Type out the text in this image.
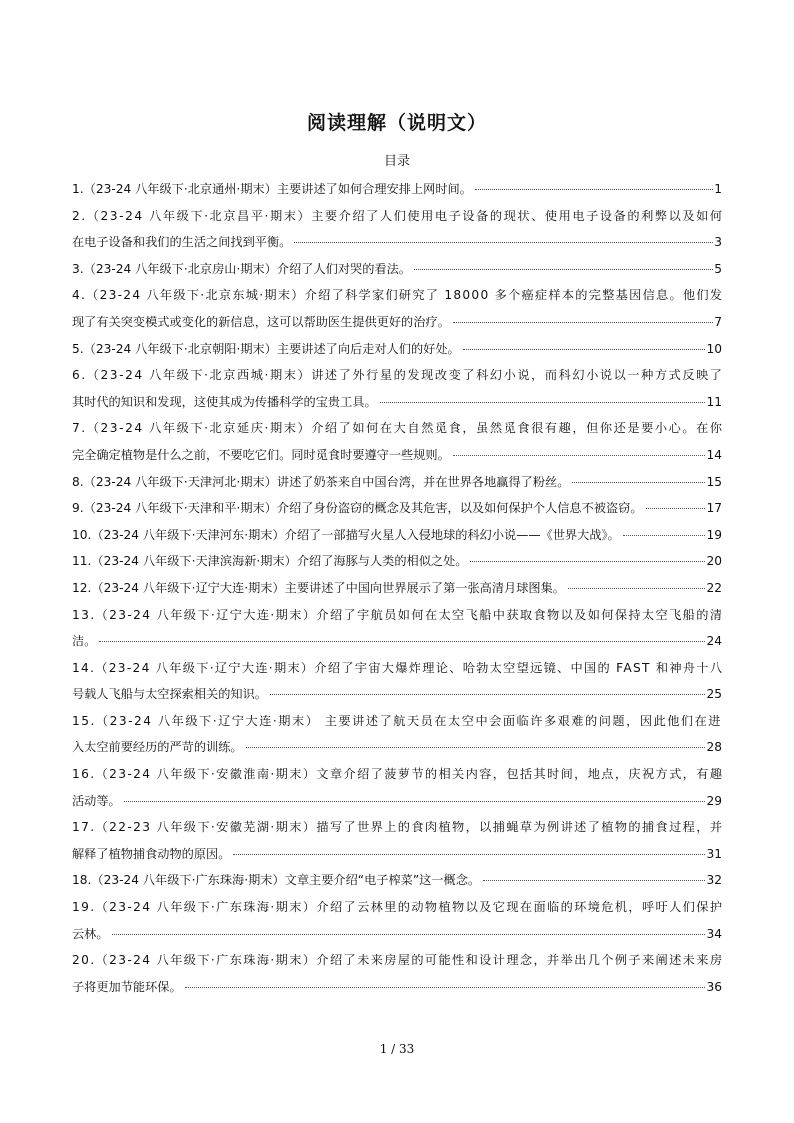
阅读理解（说明文）
目录
1.（23-24 八年级下·北京通州·期末）主要讲述了如何合理安排上网时间。	1
2.（23-24 八年级下·北京昌平·期末）主要介绍了人们使用电子设备的现状、使用电子设备的利弊以及如何
在电子设备和我们的生活之间找到平衡。	3
3.（23-24 八年级下·北京房山·期末）介绍了人们对哭的看法。	5
4.（23-24 八年级下·北京东城·期末）介绍了科学家们研究了 18000 多个癌症样本的完整基因信息。他们发
现了有关突变模式或变化的新信息，这可以帮助医生提供更好的治疗。	7
5.（23-24 八年级下·北京朝阳·期末）主要讲述了向后走对人们的好处。	10
6.（23-24 八年级下·北京西城·期末）讲述了外行星的发现改变了科幻小说，而科幻小说以一种方式反映了
其时代的知识和发现，这使其成为传播科学的宝贵工具。	11
7.（23-24 八年级下·北京延庆·期末）介绍了如何在大自然觅食，虽然觅食很有趣，但你还是要小心。在你
完全确定植物是什么之前，不要吃它们。同时觅食时要遵守一些规则。	14
8.（23-24 八年级下·天津河北·期末）讲述了奶茶来自中国台湾，并在世界各地赢得了粉丝。	15
9.（23-24 八年级下·天津和平·期末）介绍了身份盗窃的概念及其危害，以及如何保护个人信息不被盗窃。	17
10.（23-24 八年级下·天津河东·期末）介绍了一部描写火星人入侵地球的科幻小说——《世界大战》。	19
11.（23-24 八年级下·天津滨海新·期末）介绍了海豚与人类的相似之处。	20
12.（23-24 八年级下·辽宁大连·期末）主要讲述了中国向世界展示了第一张高清月球图集。	22
13.（23-24 八年级下·辽宁大连·期末）介绍了宇航员如何在太空飞船中获取食物以及如何保持太空飞船的清
洁。	24
14.（23-24 八年级下·辽宁大连·期末）介绍了宇宙大爆炸理论、哈勃太空望远镜、中国的 FAST 和神舟十八
号载人飞船与太空探索相关的知识。	25
15.（23-24 八年级下·辽宁大连·期末） 主要讲述了航天员在太空中会面临许多艰难的问题，因此他们在进
入太空前要经历的严苛的训练。	28
16.（23-24 八年级下·安徽淮南·期末）文章介绍了菠萝节的相关内容，包括其时间，地点，庆祝方式，有趣
活动等。	29
17.（22-23 八年级下·安徽芜湖·期末）描写了世界上的食肉植物，以捕蝇草为例讲述了植物的捕食过程，并
解释了植物捕食动物的原因。	31
18.（23-24 八年级下·广东珠海·期末）文章主要介绍“电子榨菜”这一概念。	32
19.（23-24 八年级下·广东珠海·期末）介绍了云林里的动物植物以及它现在面临的环境危机，呼吁人们保护
云林。	34
20.（23-24 八年级下·广东珠海·期末）介绍了未来房屋的可能性和设计理念，并举出几个例子来阐述未来房
子将更加节能环保。	36
1 / 33
